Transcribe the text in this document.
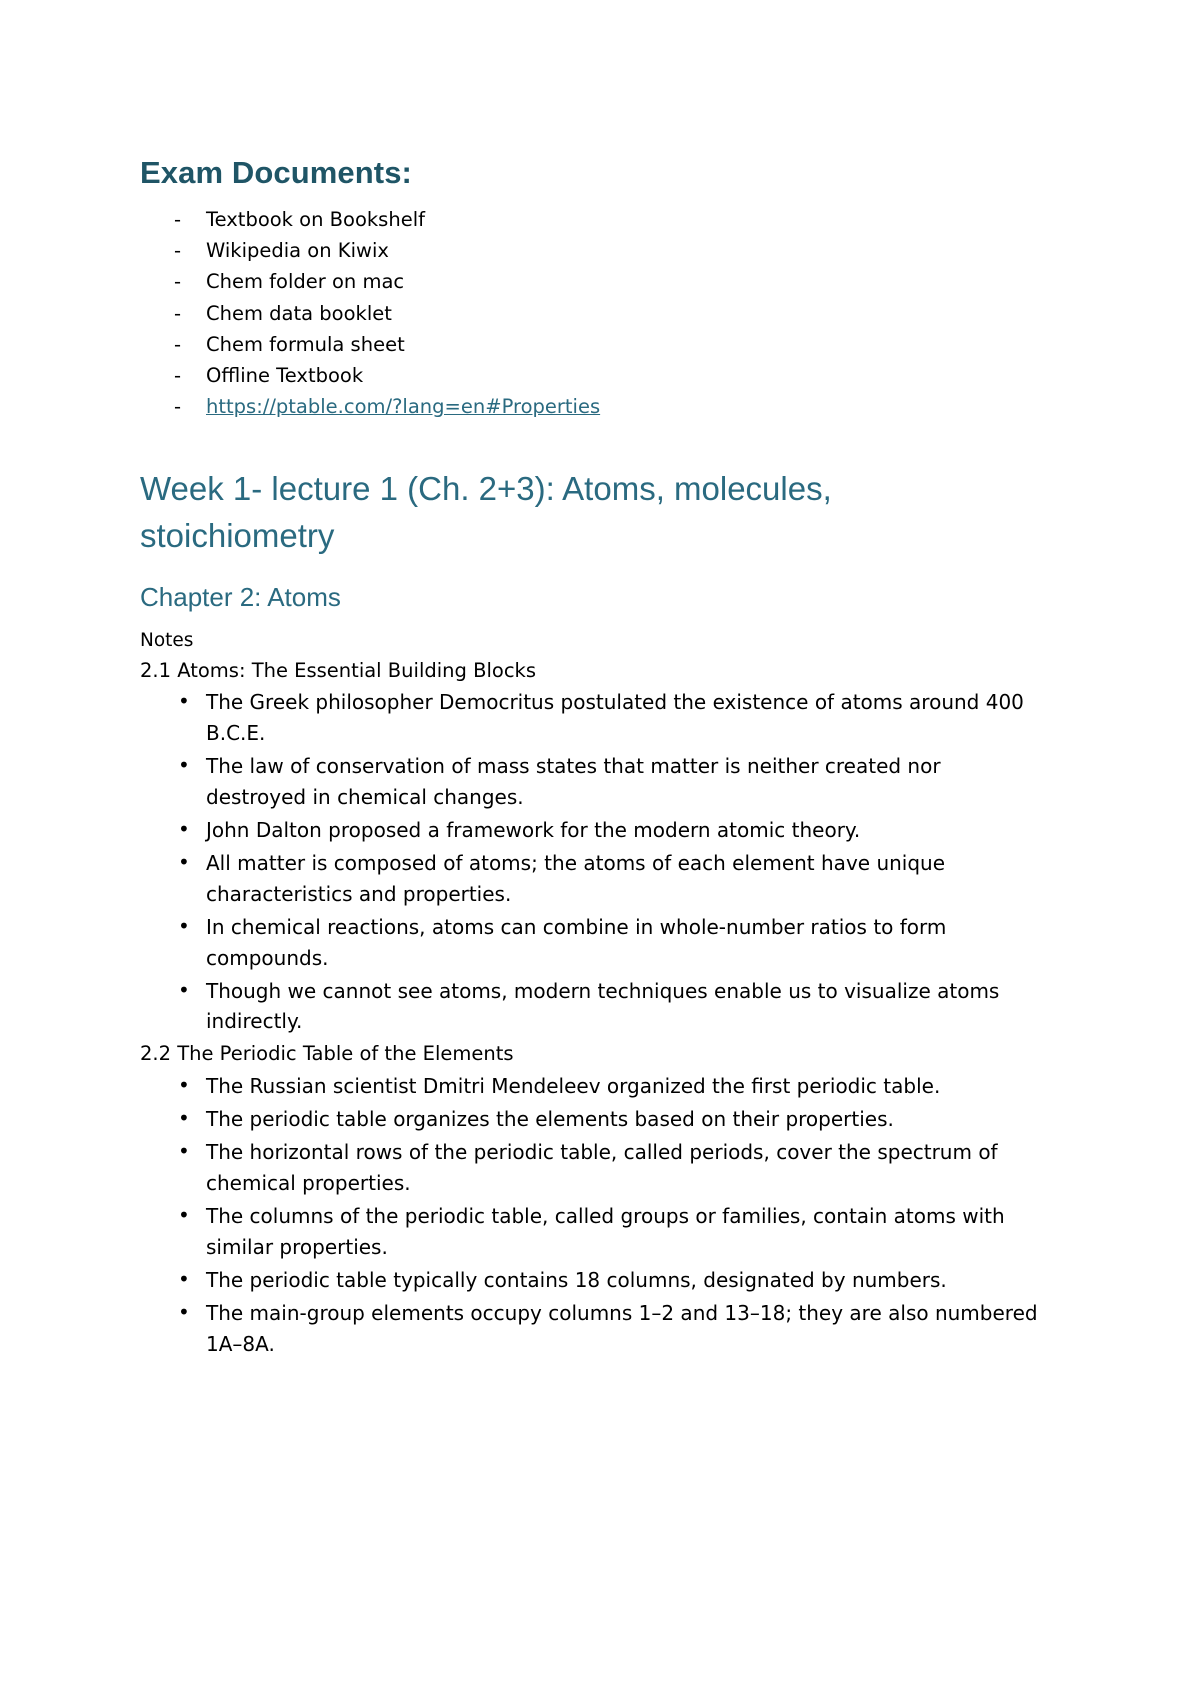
Exam Documents:
- Textbook on Bookshelf
- Wikipedia on Kiwix
- Chem folder on mac
- Chem data booklet
- Chem formula sheet
- Offline Textbook
- https://ptable.com/?lang=en#Properties
Week 1- lecture 1 (Ch. 2+3): Atoms, molecules, stoichiometry
Chapter 2: Atoms

Notes

2.1 Atoms: The Essential Building Blocks

• The Greek philosopher Democritus postulated the existence of atoms around 400 B.C.E.
• The law of conservation of mass states that matter is neither created nor destroyed in chemical changes.
• John Dalton proposed a framework for the modern atomic theory.
• All matter is composed of atoms; the atoms of each element have unique characteristics and properties.
• In chemical reactions, atoms can combine in whole-number ratios to form compounds.
• Though we cannot see atoms, modern techniques enable us to visualize atoms indirectly.

2.2 The Periodic Table of the Elements

• The Russian scientist Dmitri Mendeleev organized the first periodic table.
• The periodic table organizes the elements based on their properties.
• The horizontal rows of the periodic table, called periods, cover the spectrum of chemical properties.
• The columns of the periodic table, called groups or families, contain atoms with similar properties.
• The periodic table typically contains 18 columns, designated by numbers.
• The main-group elements occupy columns 1–2 and 13–18; they are also numbered 1A–8A.
